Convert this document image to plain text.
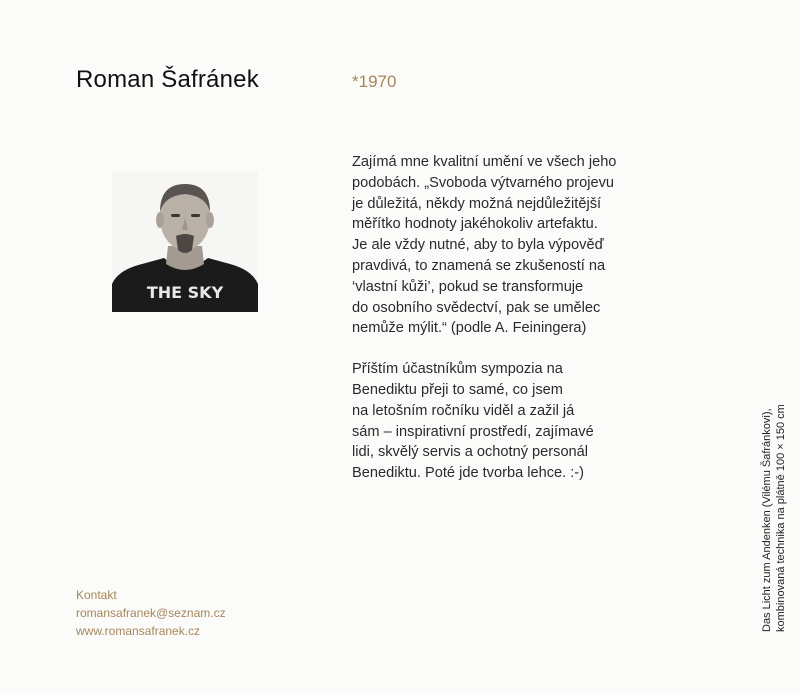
Roman Šafránek	*1970
THE SKY

Zajímá mne kvalitní umění ve všech jeho
podobách. „Svoboda výtvarného projevu
je důležitá, někdy možná nejdůležitější
měřítko hodnoty jakéhokoliv artefaktu.
Je ale vždy nutné, aby to byla výpověď
pravdivá, to znamená se zkušeností na
‘vlastní kůži’, pokud se transformuje
do osobního svědectví, pak se umělec
nemůže mýlit.“ (podle A. Feiningera)

Příštím účastníkům sympozia na
Benediktu přeji to samé, co jsem
na letošním ročníku viděl a zažil já
sám – inspirativní prostředí, zajímavé
lidi, skvělý servis a ochotný personál
Benediktu. Poté jde tvorba lehce. :-)

Kontakt
romansafranek@seznam.cz
www.romansafranek.cz	Das Licht zum Andenken (Vilému Šafránkovi), kombinovaná technika na plátně 100 × 150 cm
